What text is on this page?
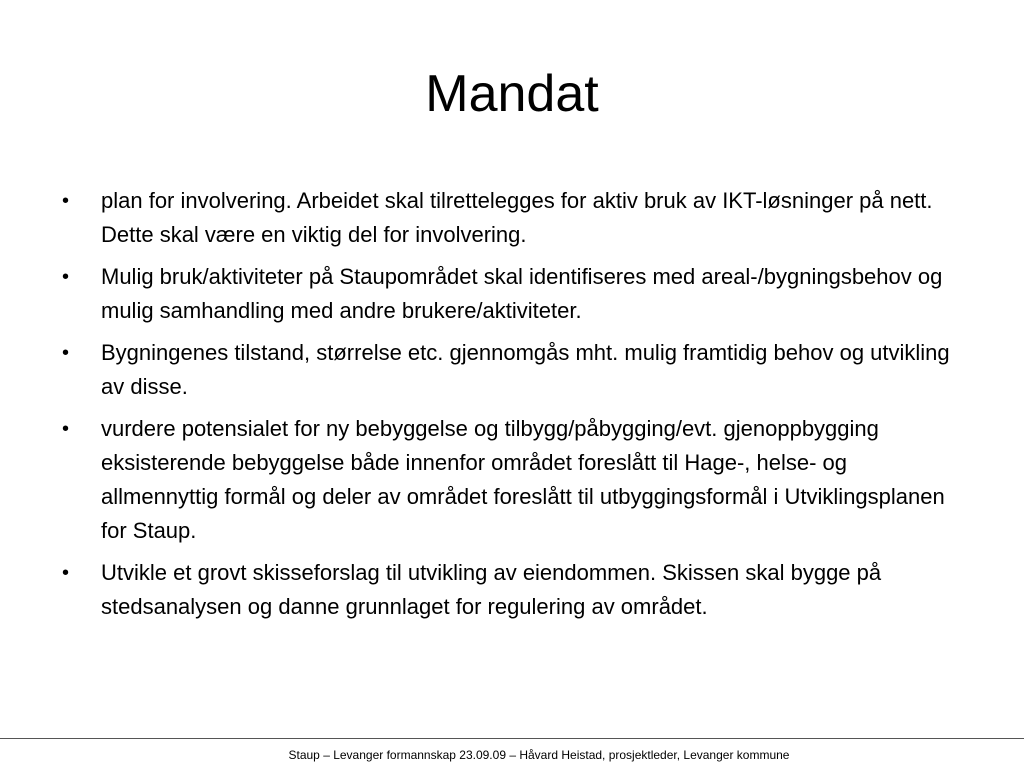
Mandat
• plan for involvering. Arbeidet skal tilrettelegges for aktiv bruk av IKT-løsninger på nett. Dette skal være en viktig del for involvering.
• Mulig bruk/aktiviteter på Staupområdet skal identifiseres med areal-/bygningsbehov og mulig samhandling med andre brukere/aktiviteter.
• Bygningenes tilstand, størrelse etc. gjennomgås mht. mulig framtidig behov og utvikling av disse.
• vurdere potensialet for ny bebyggelse og tilbygg/påbygging/evt. gjenoppbygging eksisterende bebyggelse både innenfor området foreslått til Hage-, helse- og allmennyttig formål og deler av området foreslått til utbyggingsformål i Utviklingsplanen for Staup.
• Utvikle et grovt skisseforslag til utvikling av eiendommen. Skissen skal bygge på stedsanalysen og danne grunnlaget for regulering av området.
Staup – Levanger formannskap 23.09.09 – Håvard Heistad, prosjektleder, Levanger kommune
